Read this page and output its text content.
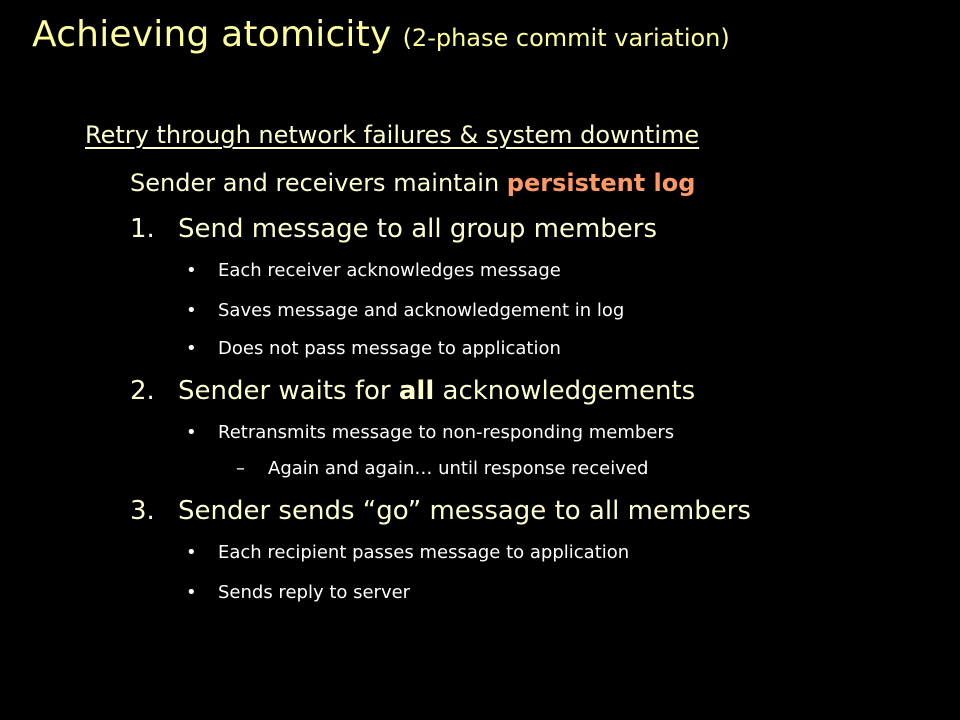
Achieving atomicity (2-phase commit variation)
Retry through network failures & system downtime
Sender and receivers maintain persistent log
1. Send message to all group members
• Each receiver acknowledges message
• Saves message and acknowledgement in log
• Does not pass message to application
2. Sender waits for all acknowledgements
• Retransmits message to non-responding members
– Again and again… until response received
3. Sender sends “go” message to all members
• Each recipient passes message to application
• Sends reply to server
